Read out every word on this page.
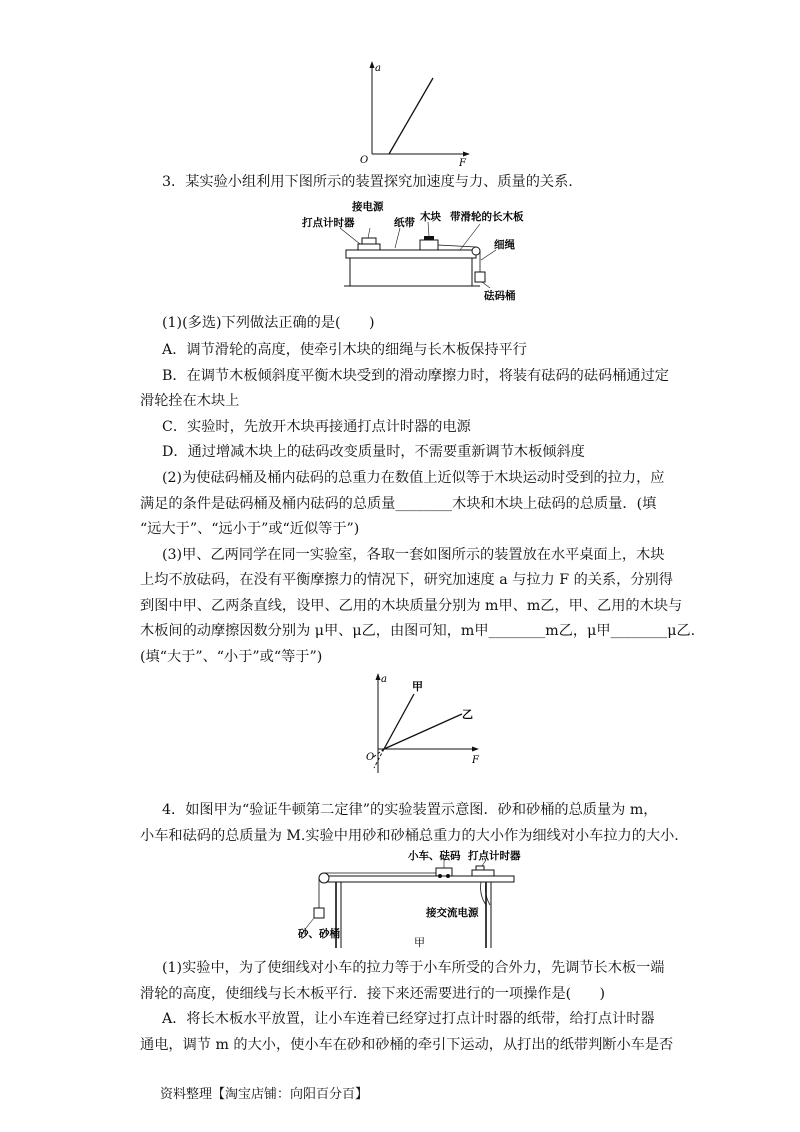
a
F
O
3．某实验小组利用下图所示的装置探究加速度与力、质量的关系.
接电源
打点计时器	纸带 木块 带滑轮的长木板
细绳
砝码桶
(1)(多选)下列做法正确的是(　　)
A．调节滑轮的高度，使牵引木块的细绳与长木板保持平行
B．在调节木板倾斜度平衡木块受到的滑动摩擦力时，将装有砝码的砝码桶通过定
滑轮拴在木块上
C．实验时，先放开木块再接通打点计时器的电源
D．通过增减木块上的砝码改变质量时，不需要重新调节木板倾斜度
(2)为使砝码桶及桶内砝码的总重力在数值上近似等于木块运动时受到的拉力，应
满足的条件是砝码桶及桶内砝码的总质量________木块和木块上砝码的总质量．(填
“远大于”、“远小于”或“近似等于”)
(3)甲、乙两同学在同一实验室，各取一套如图所示的装置放在水平桌面上，木块
上均不放砝码，在没有平衡摩擦力的情况下，研究加速度 a 与拉力 F 的关系，分别得
到图中甲、乙两条直线，设甲、乙用的木块质量分别为 m甲、m乙，甲、乙用的木块与
木板间的动摩擦因数分别为 μ甲、μ乙，由图可知，m甲________m乙，μ甲________μ乙.
(填“大于”、“小于”或“等于”)
甲
乙
a
F
O
4．如图甲为“验证牛顿第二定律”的实验装置示意图．砂和砂桶的总质量为 m，
小车和砝码的总质量为 M.实验中用砂和砂桶总重力的大小作为细线对小车拉力的大小.
小车、砝码 打点计时器
接交流电源
砂、砂桶
甲
(1)实验中，为了使细线对小车的拉力等于小车所受的合外力，先调节长木板一端
滑轮的高度，使细线与长木板平行．接下来还需要进行的一项操作是(　　)
A．将长木板水平放置，让小车连着已经穿过打点计时器的纸带，给打点计时器
通电，调节 m 的大小，使小车在砂和砂桶的牵引下运动，从打出的纸带判断小车是否
资料整理【淘宝店铺：向阳百分百】
